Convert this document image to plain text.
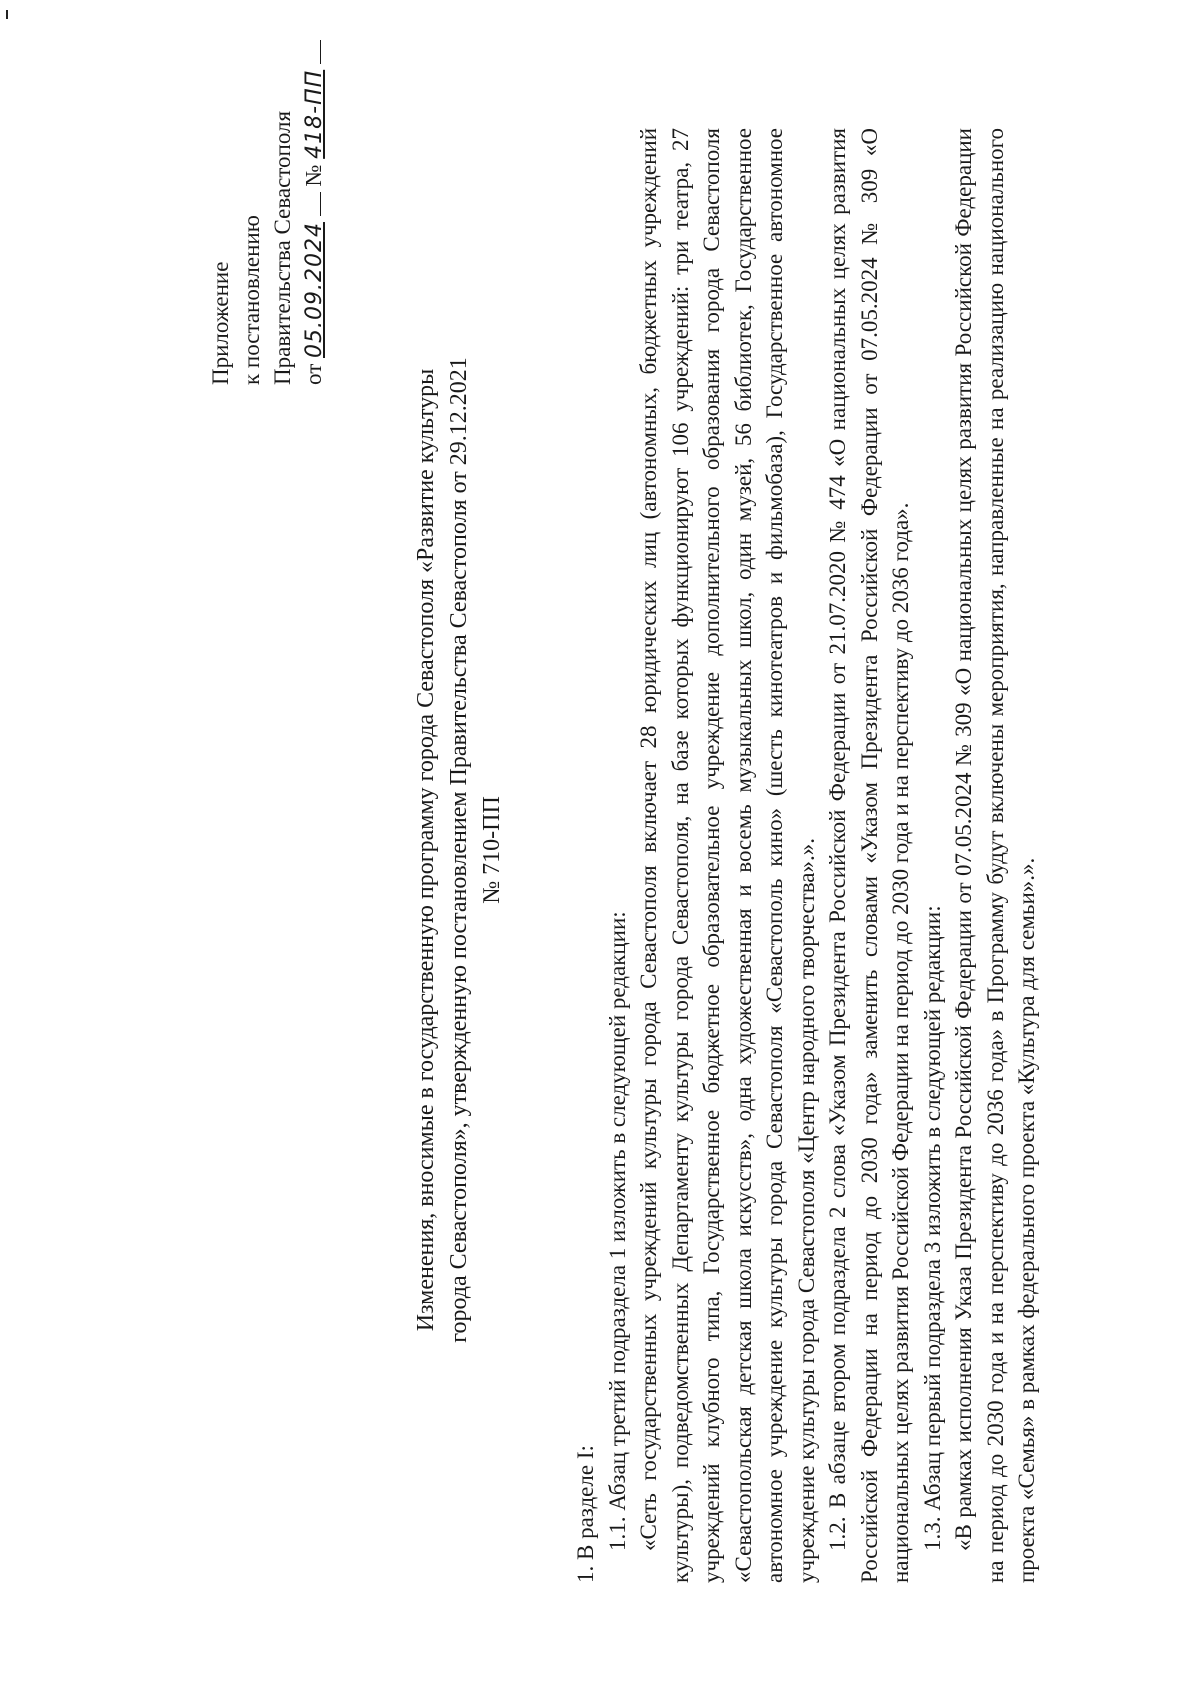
Приложение к постановлению Правительства Севастополя от 05.09.2024  № 418-ПП
Изменения, вносимые в государственную программу города Севастополя «Развитие культуры города Севастополя», утвержденную постановлением Правительства Севастополя от 29.12.2021 № 710-ПП

1. В разделе I: 1.1. Абзац третий подраздела 1 изложить в следующей редакции: «Сеть государственных учреждений культуры города Севастополя включает 28 юридических лиц (автономных, бюджетных учреждений культуры), подведомственных Департаменту культуры города Севастополя, на базе которых функционируют 106 учреждений: три театра, 27 учреждений клубного типа, Государственное бюджетное образовательное учреждение дополнительного образования города Севастополя «Севастопольская детская школа искусств», одна художественная и восемь музыкальных школ, один музей, 56 библиотек, Государственное автономное учреждение культуры города Севастополя «Севастополь кино» (шесть кинотеатров и фильмобаза), Государственное автономное учреждение культуры города Севастополя «Центр народного творчества».». 1.2. В абзаце втором подраздела 2 слова «Указом Президента Российской Федерации от 21.07.2020 № 474 «О национальных целях развития Российской Федерации на период до 2030 года» заменить словами «Указом Президента Российской Федерации от 07.05.2024 № 309 «О национальных целях развития Российской Федерации на период до 2030 года и на перспективу до 2036 года». 1.3. Абзац первый подраздела 3 изложить в следующей редакции: «В рамках исполнения Указа Президента Российской Федерации от 07.05.2024 № 309 «О национальных целях развития Российской Федерации на период до 2030 года и на перспективу до 2036 года» в Программу будут включены мероприятия, направленные на реализацию национального проекта «Семья» в рамках федерального проекта «Культура для семьи».».
